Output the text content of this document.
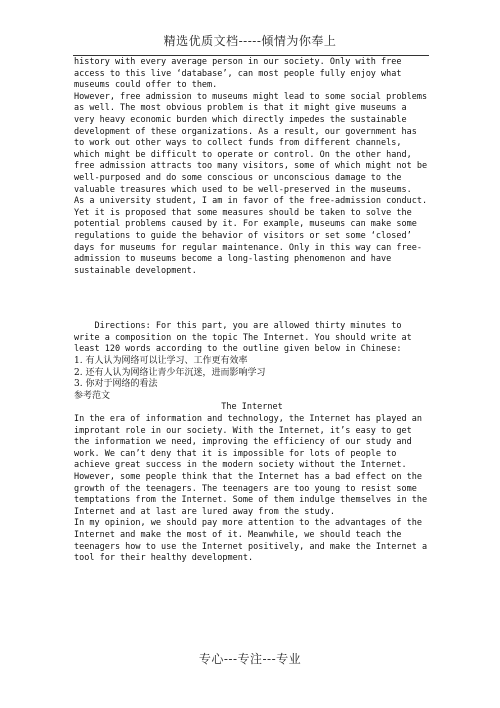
精选优质文档-----倾情为你奉上
history with every average person in our society. Only with free
access to this live ‘database’, can most people fully enjoy what
museums could offer to them.
However, free admission to museums might lead to some social problems
as well. The most obvious problem is that it might give museums a
very heavy economic burden which directly impedes the sustainable
development of these organizations. As a result, our government has
to work out other ways to collect funds from different channels,
which might be difficult to operate or control. On the other hand,
free admission attracts too many visitors, some of which might not be
well-purposed and do some conscious or unconscious damage to the
valuable treasures which used to be well-preserved in the museums.
As a university student, I am in favor of the free-admission conduct.
Yet it is proposed that some measures should be taken to solve the
potential problems caused by it. For example, museums can make some
regulations to guide the behavior of visitors or set some ‘closed’
days for museums for regular maintenance. Only in this way can free-
admission to museums become a long-lasting phenomenon and have
sustainable development.
Directions: For this part, you are allowed thirty minutes to
write a composition on the topic The Internet. You should write at
least 120 words according to the outline given below in Chinese:
1. 有人认为网络可以让学习、工作更有效率
2. 还有人认为网络让青少年沉迷，进而影响学习
3. 你对于网络的看法
参考范文
The Internet
In the era of information and technology, the Internet has played an
improtant role in our society. With the Internet, it’s easy to get
the information we need, improving the efficiency of our study and
work. We can’t deny that it is impossible for lots of people to
achieve great success in the modern society without the Internet.
However, some people think that the Internet has a bad effect on the
growth of the teenagers. The teenagers are too young to resist some
temptations from the Internet. Some of them indulge themselves in the
Internet and at last are lured away from the study.
In my opinion, we should pay more attention to the advantages of the
Internet and make the most of it. Meanwhile, we should teach the
teenagers how to use the Internet positively, and make the Internet a
tool for their healthy development.
专心---专注---专业
